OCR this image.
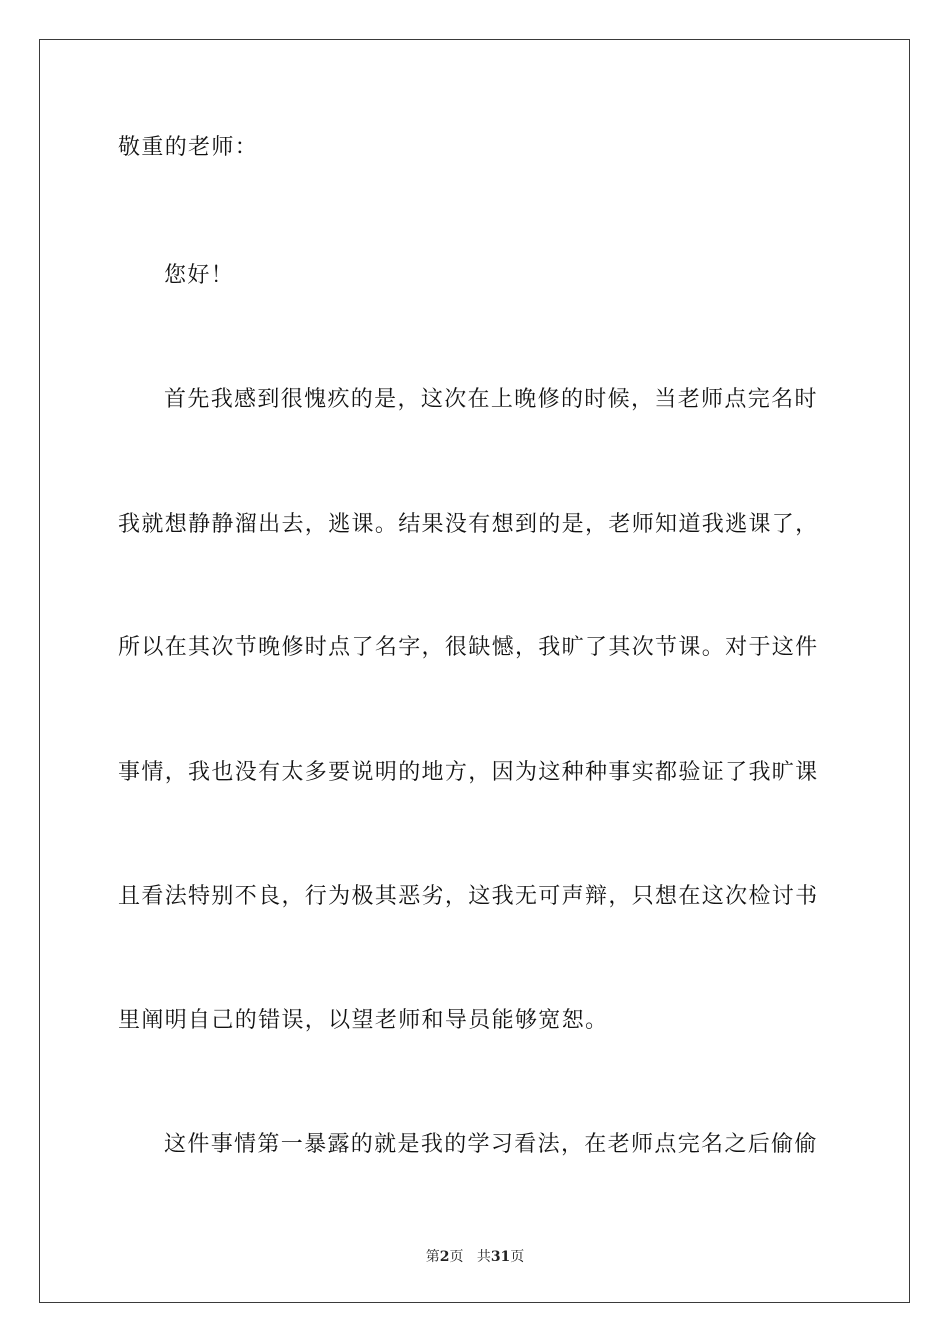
敬重的老师：
您好！
首先我感到很愧疚的是，这次在上晚修的时候，当老师点完名时
我就想静静溜出去，逃课。结果没有想到的是，老师知道我逃课了，
所以在其次节晚修时点了名字，很缺憾，我旷了其次节课。对于这件
事情，我也没有太多要说明的地方，因为这种种事实都验证了我旷课
且看法特别不良，行为极其恶劣，这我无可声辩，只想在这次检讨书
里阐明自己的错误，以望老师和导员能够宽恕。
这件事情第一暴露的就是我的学习看法，在老师点完名之后偷偷
第2页 共31页
